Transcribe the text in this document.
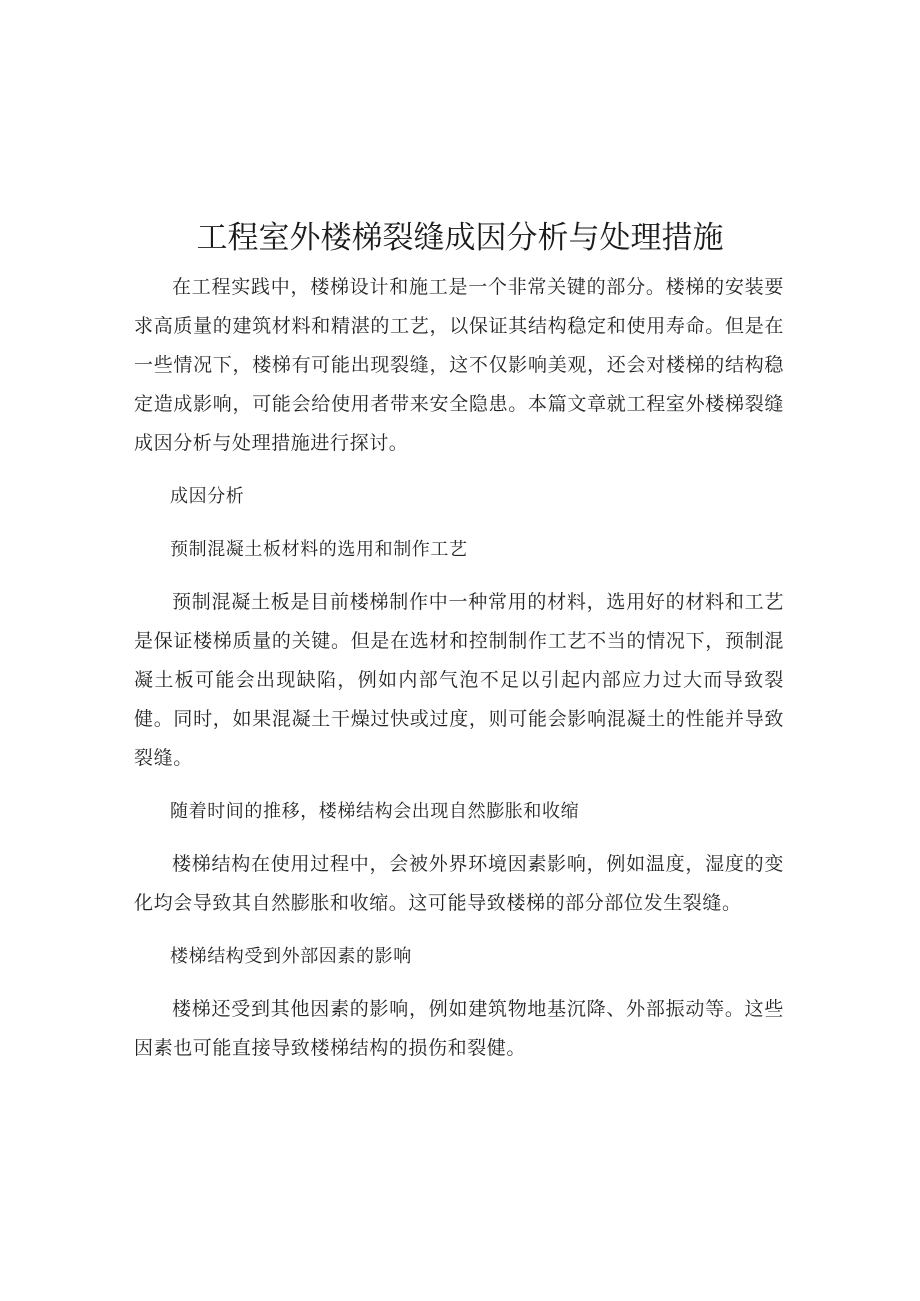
工程室外楼梯裂缝成因分析与处理措施

在工程实践中，楼梯设计和施工是一个非常关键的部分。楼梯的安装要求高质量的建筑材料和精湛的工艺，以保证其结构稳定和使用寿命。但是在一些情况下，楼梯有可能出现裂缝，这不仅影响美观，还会对楼梯的结构稳定造成影响，可能会给使用者带来安全隐患。本篇文章就工程室外楼梯裂缝成因分析与处理措施进行探讨。

成因分析

预制混凝土板材料的选用和制作工艺

预制混凝土板是目前楼梯制作中一种常用的材料，选用好的材料和工艺是保证楼梯质量的关键。但是在选材和控制制作工艺不当的情况下，预制混凝土板可能会出现缺陷，例如内部气泡不足以引起内部应力过大而导致裂健。同时，如果混凝土干燥过快或过度，则可能会影响混凝土的性能并导致裂缝。

随着时间的推移，楼梯结构会出现自然膨胀和收缩

楼梯结构在使用过程中，会被外界环境因素影响，例如温度，湿度的变化均会导致其自然膨胀和收缩。这可能导致楼梯的部分部位发生裂缝。

楼梯结构受到外部因素的影响

楼梯还受到其他因素的影响，例如建筑物地基沉降、外部振动等。这些因素也可能直接导致楼梯结构的损伤和裂健。
